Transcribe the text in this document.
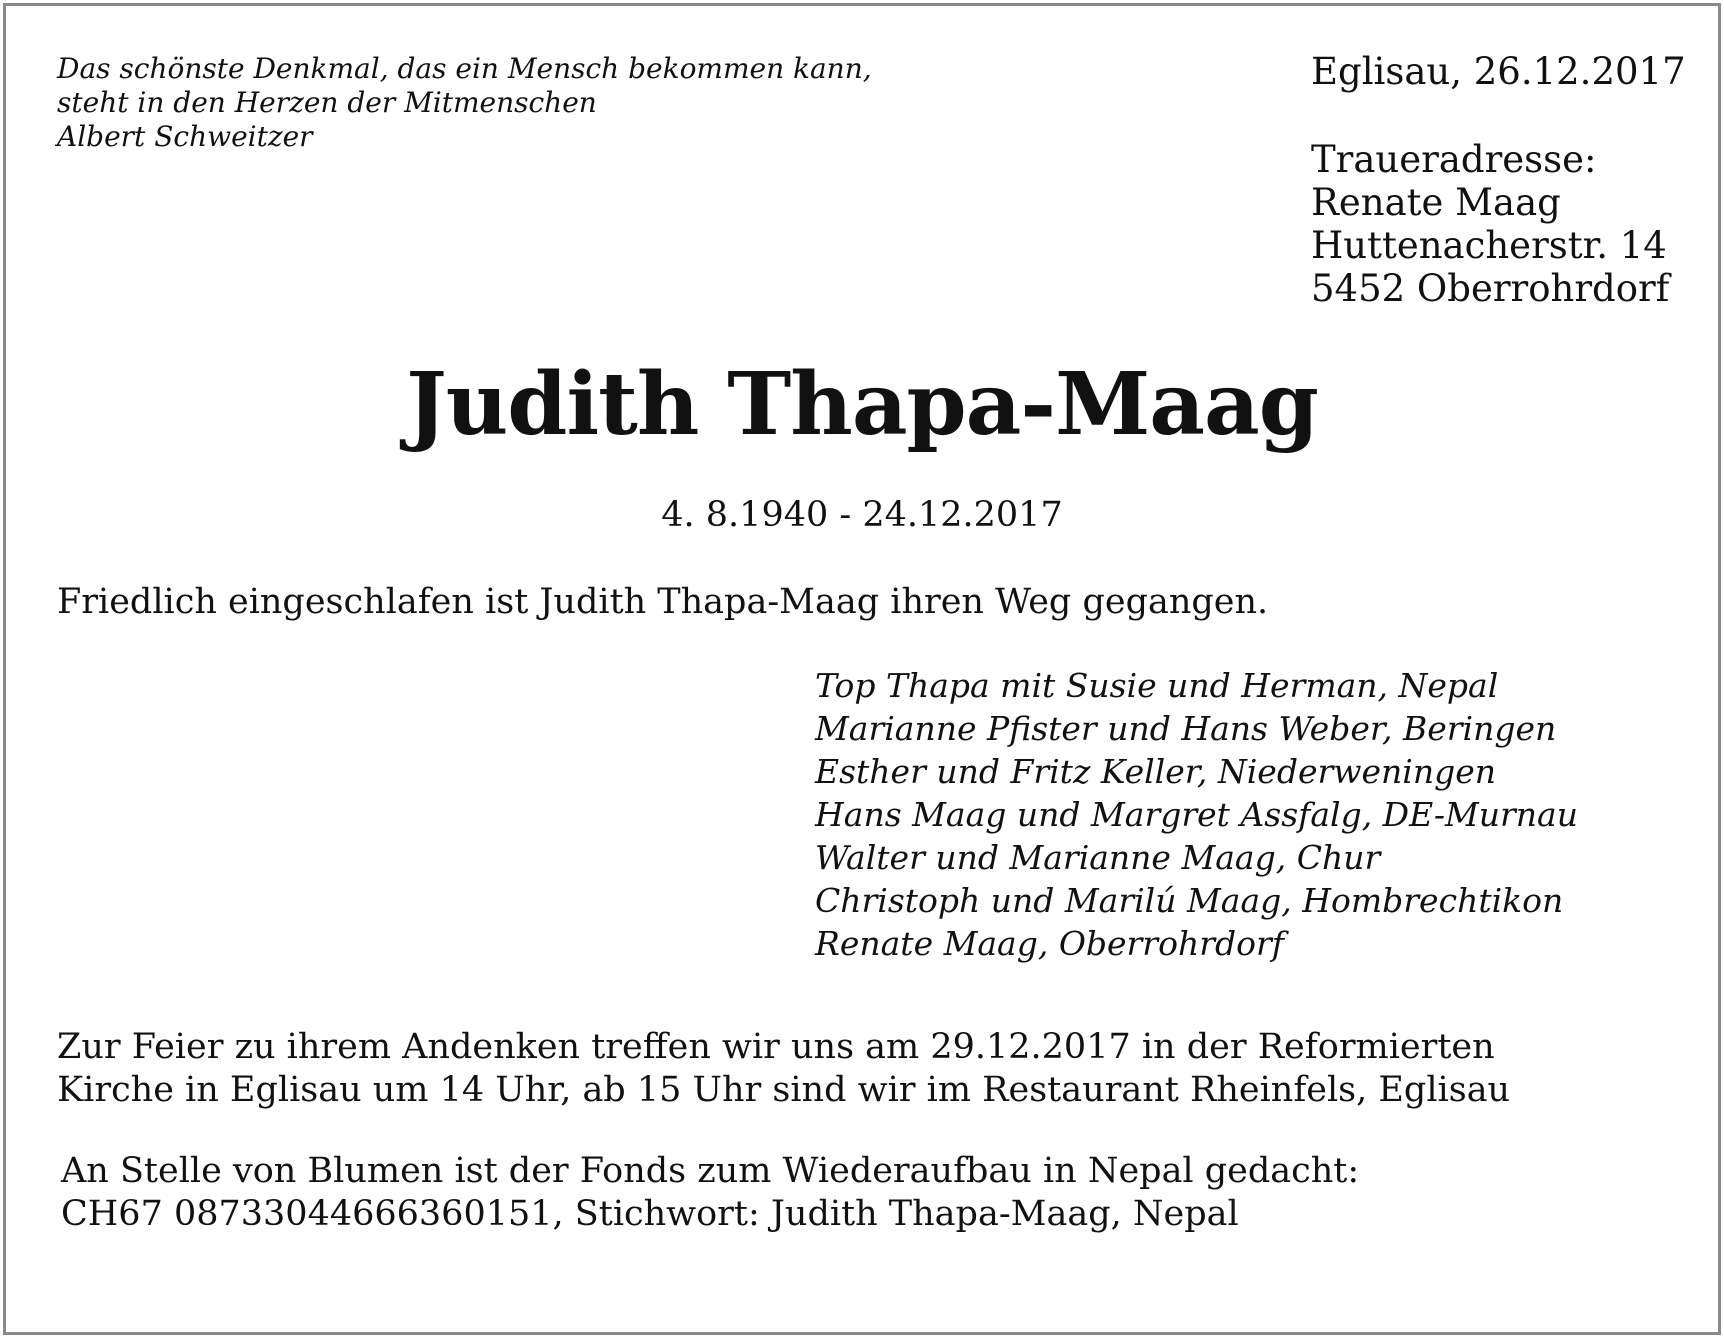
Das schönste Denkmal, das ein Mensch bekommen kann,
steht in den Herzen der Mitmenschen
Albert Schweitzer
Eglisau, 26.12.2017
Traueradresse:
Renate Maag
Huttenacherstr. 14
5452 Oberrohrdorf
Judith Thapa-Maag
4. 8.1940 - 24.12.2017
Friedlich eingeschlafen ist Judith Thapa-Maag ihren Weg gegangen.
Top Thapa mit Susie und Herman, Nepal
Marianne Pfister und Hans Weber, Beringen
Esther und Fritz Keller, Niederweningen
Hans Maag und Margret Assfalg, DE-Murnau
Walter und Marianne Maag, Chur
Christoph und Marilú Maag, Hombrechtikon
Renate Maag, Oberrohrdorf
Zur Feier zu ihrem Andenken treffen wir uns am 29.12.2017 in der Reformierten
Kirche in Eglisau um 14 Uhr, ab 15 Uhr sind wir im Restaurant Rheinfels, Eglisau
An Stelle von Blumen ist der Fonds zum Wiederaufbau in Nepal gedacht:
CH67 08733044666360151, Stichwort: Judith Thapa-Maag, Nepal
